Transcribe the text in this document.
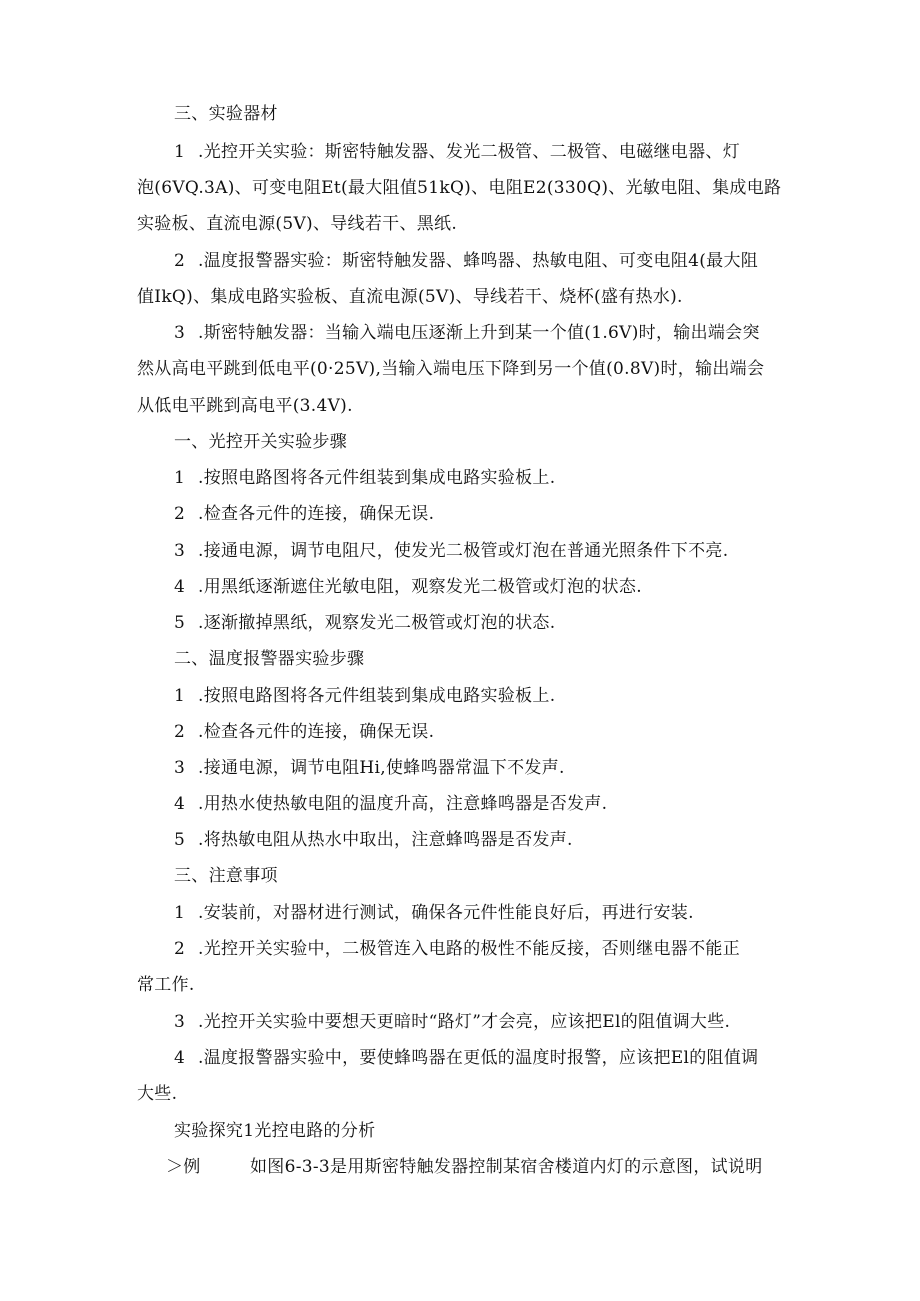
三、实验器材
1 .光控开关实验：斯密特触发器、发光二极管、二极管、电磁继电器、灯
泡(6VQ.3A)、可变电阻Et(最大阻值51kQ)、电阻E2(330Q)、光敏电阻、集成电路
实验板、直流电源(5V)、导线若干、黑纸.
2 .温度报警器实验：斯密特触发器、蜂鸣器、热敏电阻、可变电阻4(最大阻
值IkQ)、集成电路实验板、直流电源(5V)、导线若干、烧杯(盛有热水).
3 .斯密特触发器：当输入端电压逐渐上升到某一个值(1.6V)时，输出端会突
然从高电平跳到低电平(0·25V),当输入端电压下降到另一个值(0.8V)时，输出端会
从低电平跳到高电平(3.4V).
一、光控开关实验步骤
1 .按照电路图将各元件组装到集成电路实验板上.
2 .检查各元件的连接，确保无误.
3 .接通电源，调节电阻尺，使发光二极管或灯泡在普通光照条件下不亮.
4 .用黑纸逐渐遮住光敏电阻，观察发光二极管或灯泡的状态.
5 .逐渐撤掉黑纸，观察发光二极管或灯泡的状态.
二、温度报警器实验步骤
1 .按照电路图将各元件组装到集成电路实验板上.
2 .检查各元件的连接，确保无误.
3 .接通电源，调节电阻Hi,使蜂鸣器常温下不发声.
4 .用热水使热敏电阻的温度升高，注意蜂鸣器是否发声.
5 .将热敏电阻从热水中取出，注意蜂鸣器是否发声.
三、注意事项
1 .安装前，对器材进行测试，确保各元件性能良好后，再进行安装.
2 .光控开关实验中，二极管连入电路的极性不能反接，否则继电器不能正
常工作.
3 .光控开关实验中要想天更暗时“路灯”才会亮，应该把El的阻值调大些.
4 .温度报警器实验中，要使蜂鸣器在更低的温度时报警，应该把El的阻值调
大些.
实验探究1光控电路的分析
＞例	如图6-3-3是用斯密特触发器控制某宿舍楼道内灯的示意图，试说明
